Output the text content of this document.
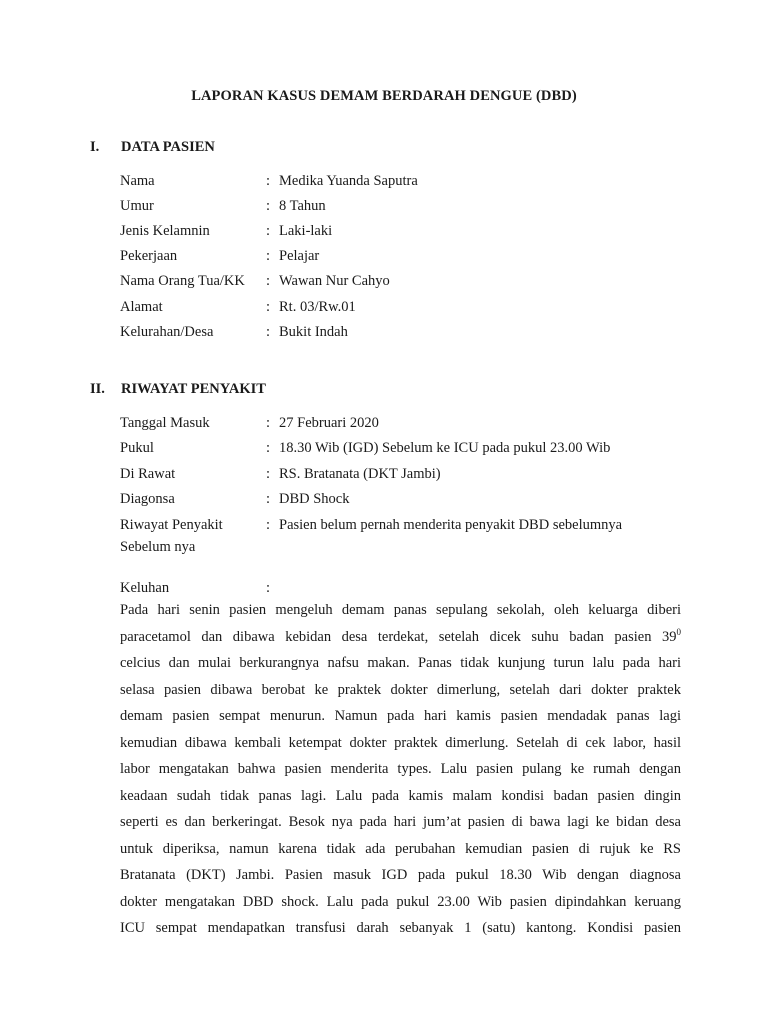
LAPORAN KASUS DEMAM BERDARAH DENGUE (DBD)
I. DATA PASIEN
Nama	: Medika Yuanda Saputra
Umur	: 8 Tahun
Jenis Kelamnin	: Laki-laki
Pekerjaan	: Pelajar
Nama Orang Tua/KK	: Wawan Nur Cahyo
Alamat	: Rt. 03/Rw.01
Kelurahan/Desa	: Bukit Indah
II. RIWAYAT PENYAKIT
Tanggal Masuk	: 27 Februari 2020
Pukul	: 18.30 Wib (IGD) Sebelum ke ICU pada pukul 23.00 Wib
Di Rawat	: RS. Bratanata (DKT Jambi)
Diagonsa	: DBD Shock
Riwayat Penyakit
Sebelum nya
: Pasien belum pernah menderita penyakit DBD sebelumnya
Keluhan	:
Pada hari senin pasien mengeluh demam panas sepulang sekolah, oleh keluarga diberi
paracetamol dan dibawa kebidan desa terdekat, setelah dicek suhu badan pasien $39^0$
celcius dan mulai berkurangnya nafsu makan. Panas tidak kunjung turun lalu pada hari
selasa pasien dibawa berobat ke praktek dokter dimerlung, setelah dari dokter praktek
demam pasien sempat menurun. Namun pada hari kamis pasien mendadak panas lagi
kemudian dibawa kembali ketempat dokter praktek dimerlung. Setelah di cek labor, hasil
labor mengatakan bahwa pasien menderita types. Lalu pasien pulang ke rumah dengan
keadaan sudah tidak panas lagi. Lalu pada kamis malam kondisi badan pasien dingin
seperti es dan berkeringat. Besok nya pada hari jum’at pasien di bawa lagi ke bidan desa
untuk diperiksa, namun karena tidak ada perubahan kemudian pasien di rujuk ke RS
Bratanata (DKT) Jambi. Pasien masuk IGD pada pukul 18.30 Wib dengan diagnosa
dokter mengatakan DBD shock. Lalu pada pukul 23.00 Wib pasien dipindahkan keruang
ICU sempat mendapatkan transfusi darah sebanyak 1 (satu) kantong. Kondisi pasien
